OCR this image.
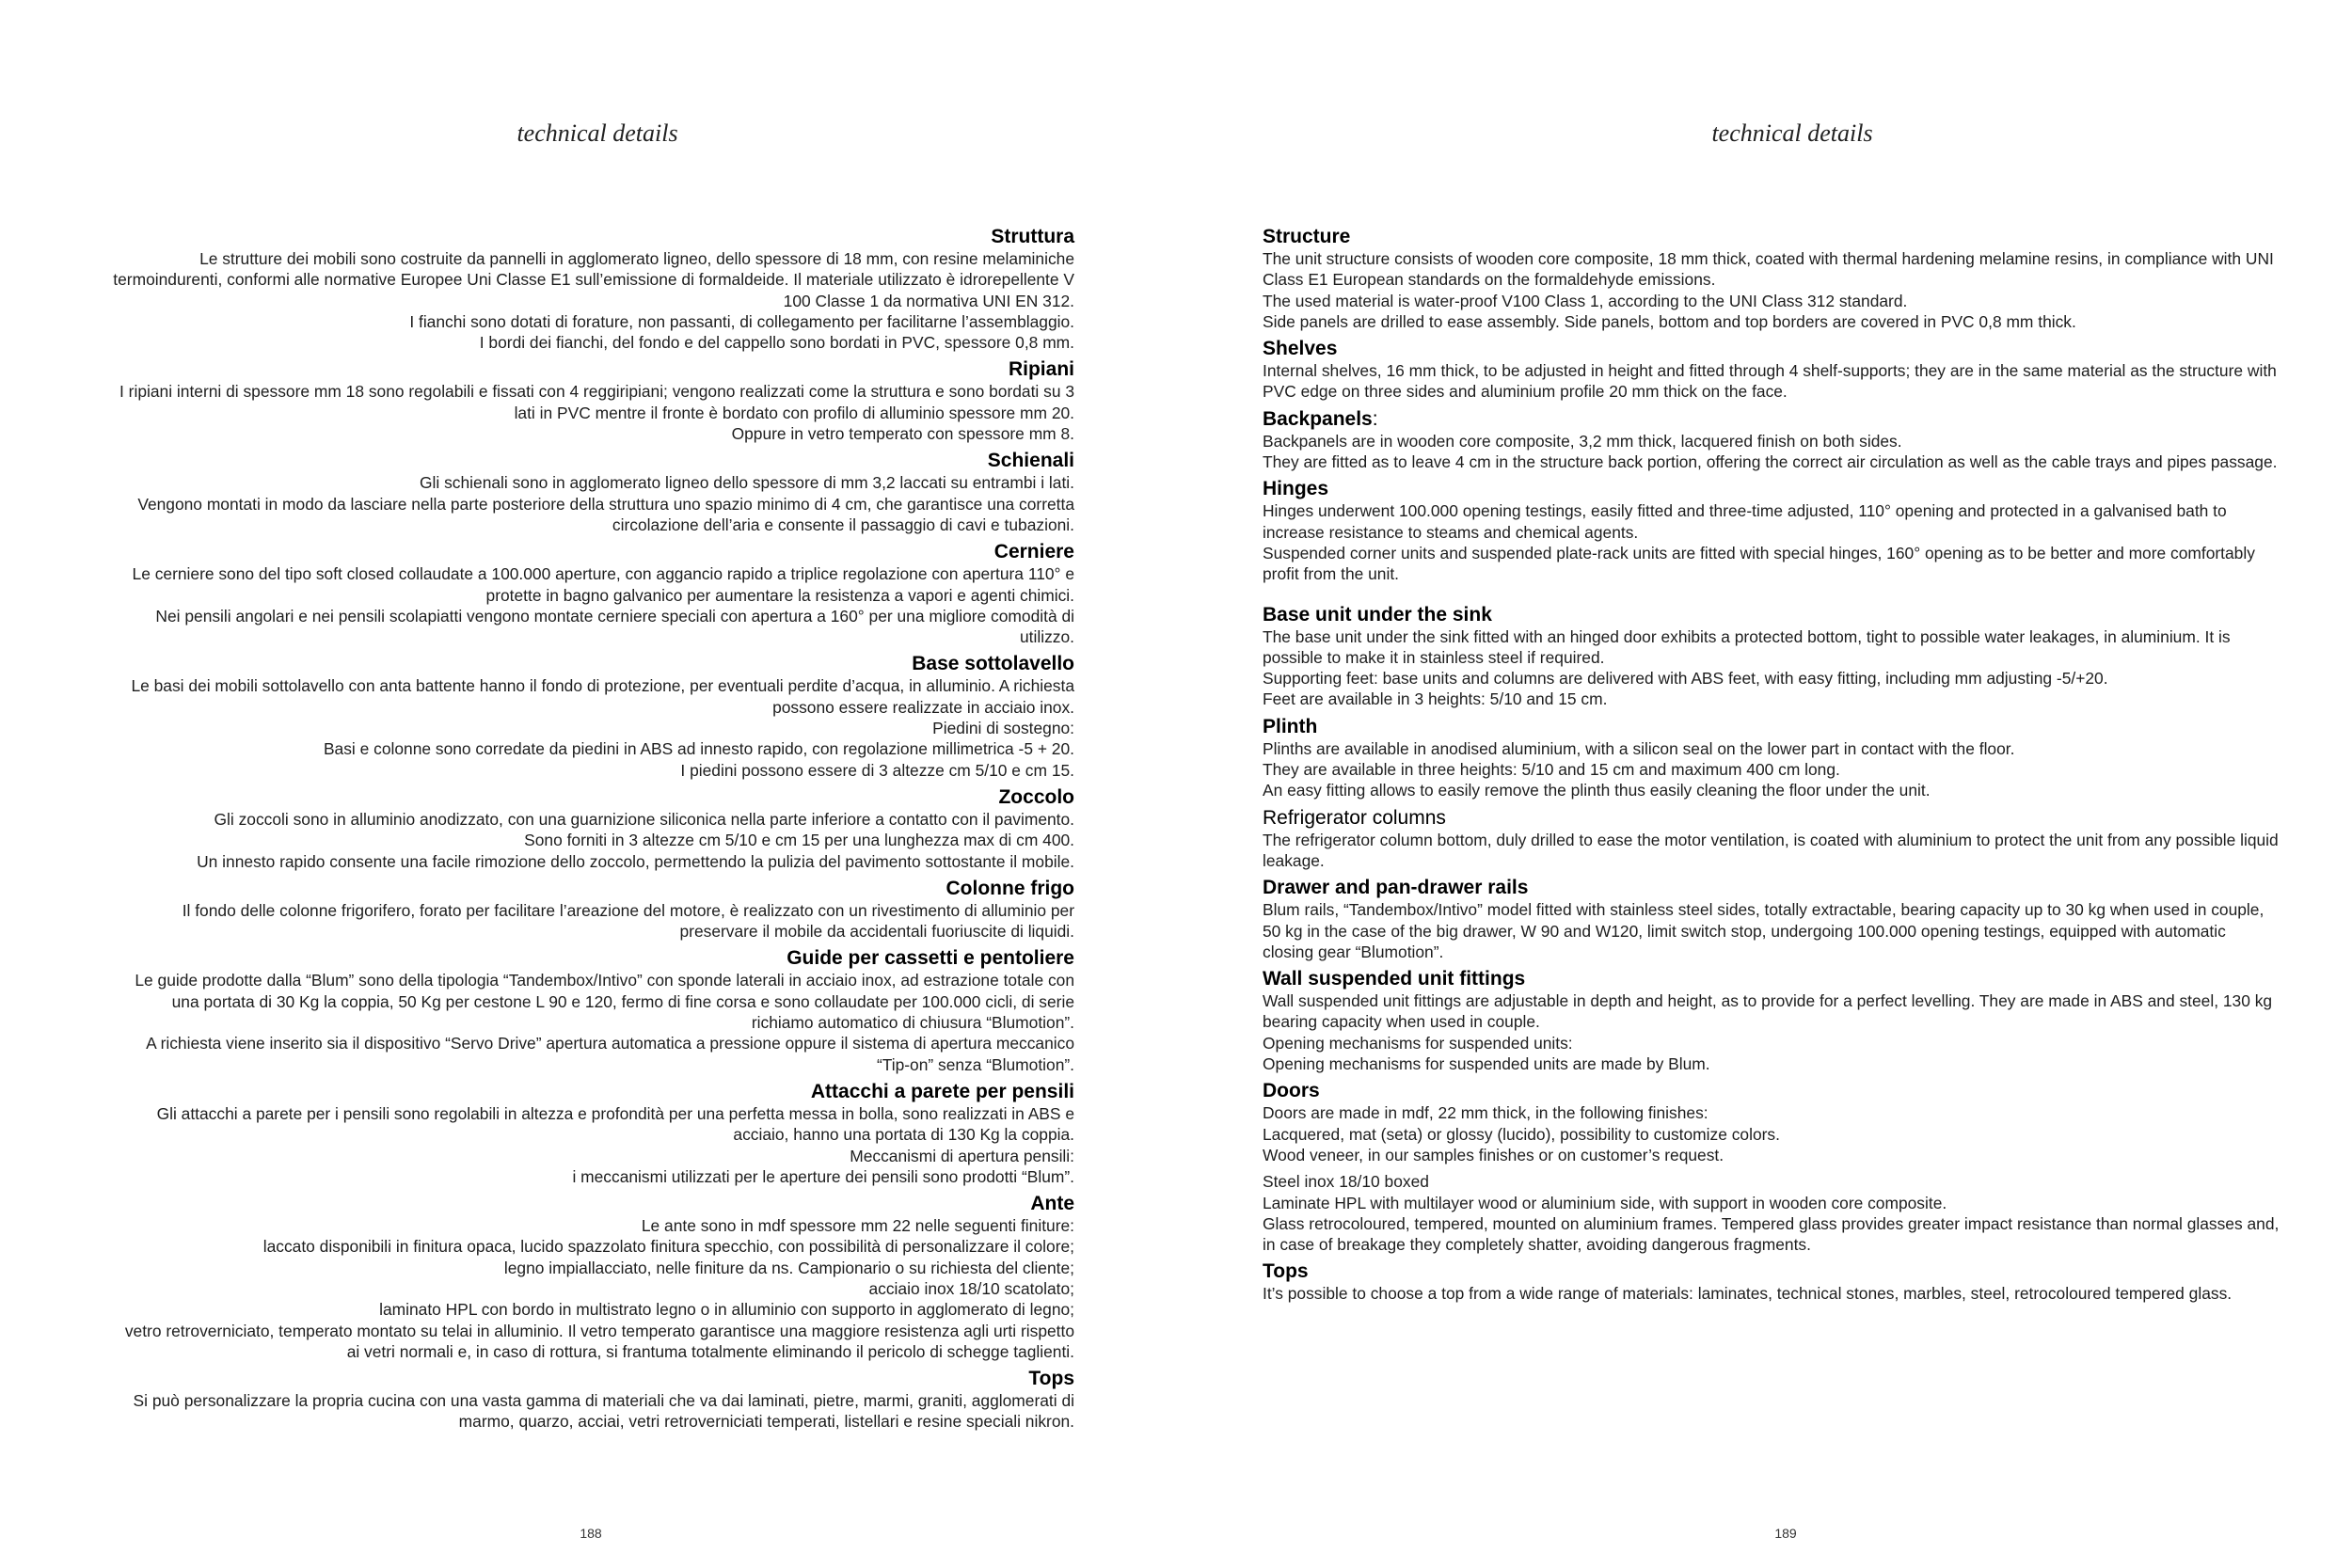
technical details
Struttura

Le strutture dei mobili sono costruite da pannelli in agglomerato ligneo, dello spessore di 18 mm, con resine melaminiche termoindurenti, conformi alle normative Europee Uni Classe E1 sull’emissione di formaldeide. Il materiale utilizzato è idrorepellente V 100 Classe 1 da normativa UNI EN 312.

I fianchi sono dotati di forature, non passanti, di collegamento per facilitarne l’assemblaggio.

I bordi dei fianchi, del fondo e del cappello sono bordati in PVC, spessore 0,8 mm.

Ripiani

I ripiani interni di spessore mm 18 sono regolabili e fissati con 4 reggiripiani; vengono realizzati come la struttura e sono bordati su 3 lati in PVC mentre il fronte è bordato con profilo di alluminio spessore mm 20.

Oppure in vetro temperato con spessore mm 8.

Schienali

Gli schienali sono in agglomerato ligneo dello spessore di mm 3,2 laccati su entrambi i lati.

Vengono montati in modo da lasciare nella parte posteriore della struttura uno spazio minimo di 4 cm, che garantisce una corretta circolazione dell’aria e consente il passaggio di cavi e tubazioni.

Cerniere

Le cerniere sono del tipo soft closed collaudate a 100.000 aperture, con aggancio rapido a triplice regolazione con apertura 110° e protette in bagno galvanico per aumentare la resistenza a vapori e agenti chimici.

Nei pensili angolari e nei pensili scolapiatti vengono montate cerniere speciali con apertura a 160° per una migliore comodità di utilizzo.

Base sottolavello

Le basi dei mobili sottolavello con anta battente hanno il fondo di protezione, per eventuali perdite d’acqua, in alluminio. A richiesta possono essere realizzate in acciaio inox.

Piedini di sostegno:

Basi e colonne sono corredate da piedini in ABS ad innesto rapido, con regolazione millimetrica -5 + 20.

I piedini possono essere di 3 altezze cm 5/10 e cm 15.

Zoccolo

Gli zoccoli sono in alluminio anodizzato, con una guarnizione siliconica nella parte inferiore a contatto con il pavimento.

Sono forniti in 3 altezze cm 5/10 e cm 15 per una lunghezza max di cm 400.

Un innesto rapido consente una facile rimozione dello zoccolo, permettendo la pulizia del pavimento sottostante il mobile.

Colonne frigo

Il fondo delle colonne frigorifero, forato per facilitare l’areazione del motore, è realizzato con un rivestimento di alluminio per preservare il mobile da accidentali fuoriuscite di liquidi.

Guide per cassetti e pentoliere

Le guide prodotte dalla “Blum” sono della tipologia “Tandembox/Intivo” con sponde laterali in acciaio inox, ad estrazione totale con una portata di 30 Kg la coppia, 50 Kg per cestone L 90 e 120, fermo di fine corsa e sono collaudate per 100.000 cicli, di serie richiamo automatico di chiusura “Blumotion”.

A richiesta viene inserito sia il dispositivo “Servo Drive” apertura automatica a pressione oppure il sistema di apertura meccanico “Tip-on” senza “Blumotion”.

Attacchi a parete per pensili

Gli attacchi a parete per i pensili sono regolabili in altezza e profondità per una perfetta messa in bolla, sono realizzati in ABS e acciaio, hanno una portata di 130 Kg la coppia.

Meccanismi di apertura pensili:

i meccanismi utilizzati per le aperture dei pensili sono prodotti “Blum”.

Ante

Le ante sono in mdf spessore mm 22 nelle seguenti finiture:

laccato disponibili in finitura opaca, lucido spazzolato finitura specchio, con possibilità di personalizzare il colore;

legno impiallacciato, nelle finiture da ns. Campionario o su richiesta del cliente;

acciaio inox 18/10 scatolato;

laminato HPL con bordo in multistrato legno o in alluminio con supporto in agglomerato di legno;

vetro retroverniciato, temperato montato su telai in alluminio. Il vetro temperato garantisce una maggiore resistenza agli urti rispetto ai vetri normali e, in caso di rottura, si frantuma totalmente eliminando il pericolo di schegge taglienti.

Tops

Si può personalizzare la propria cucina con una vasta gamma di materiali che va dai laminati, pietre, marmi, graniti, agglomerati di marmo, quarzo, acciai, vetri retroverniciati temperati, listellari e resine speciali nikron.

188
technical details
Structure

The unit structure consists of wooden core composite, 18 mm thick, coated with thermal hardening melamine resins, in compliance with UNI Class E1 European standards on the formaldehyde emissions.

The used material is water-proof V100 Class 1, according to the UNI Class 312 standard.

Side panels are drilled to ease assembly. Side panels, bottom and top borders are covered in PVC 0,8 mm thick.

Shelves

Internal shelves, 16 mm thick, to be adjusted in height and fitted through 4 shelf-supports; they are in the same material as the structure with PVC edge on three sides and aluminium profile 20 mm thick on the face.

Backpanels:

Backpanels are in wooden core composite, 3,2 mm thick, lacquered finish on both sides.

They are fitted as to leave 4 cm in the structure back portion, offering the correct air circulation as well as the cable trays and pipes passage.

Hinges

Hinges underwent 100.000 opening testings, easily fitted and three-time adjusted, 110° opening and protected in a galvanised bath to increase resistance to steams and chemical agents.

Suspended corner units and suspended plate-rack units are fitted with special hinges, 160° opening as to be better and more comfortably profit from the unit.

Base unit under the sink

The base unit under the sink fitted with an hinged door exhibits a protected bottom, tight to possible water leakages, in aluminium. It is possible to make it in stainless steel if required.

Supporting feet: base units and columns are delivered with ABS feet, with easy fitting, including mm adjusting -5/+20.

Feet are available in 3 heights: 5/10 and 15 cm.

Plinth

Plinths are available in anodised aluminium, with a silicon seal on the lower part in contact with the floor.

They are available in three heights: 5/10 and 15 cm and maximum 400 cm long.

An easy fitting allows to easily remove the plinth thus easily cleaning the floor under the unit.

Refrigerator columns

The refrigerator column bottom, duly drilled to ease the motor ventilation, is coated with aluminium to protect the unit from any possible liquid leakage.

Drawer and pan-drawer rails

Blum rails, “Tandembox/Intivo” model fitted with stainless steel sides, totally extractable, bearing capacity up to 30 kg when used in couple, 50 kg in the case of the big drawer, W 90 and W120, limit switch stop, undergoing 100.000 opening testings, equipped with automatic closing gear “Blumotion”.

Wall suspended unit fittings

Wall suspended unit fittings are adjustable in depth and height, as to provide for a perfect levelling. They are made in ABS and steel, 130 kg bearing capacity when used in couple.

Opening mechanisms for suspended units:

Opening mechanisms for suspended units are made by Blum.

Doors

Doors are made in mdf, 22 mm thick, in the following finishes:

Lacquered, mat (seta) or glossy (lucido), possibility to customize colors.

Wood veneer, in our samples finishes or on customer’s request.

Steel inox 18/10 boxed

Laminate HPL with multilayer wood or aluminium side, with support in wooden core composite.

Glass retrocoloured, tempered, mounted on aluminium frames. Tempered glass provides greater impact resistance than normal glasses and, in case of breakage they completely shatter, avoiding dangerous fragments.

Tops

It’s possible to choose a top from a wide range of materials: laminates, technical stones, marbles, steel, retrocoloured tempered glass.

189
